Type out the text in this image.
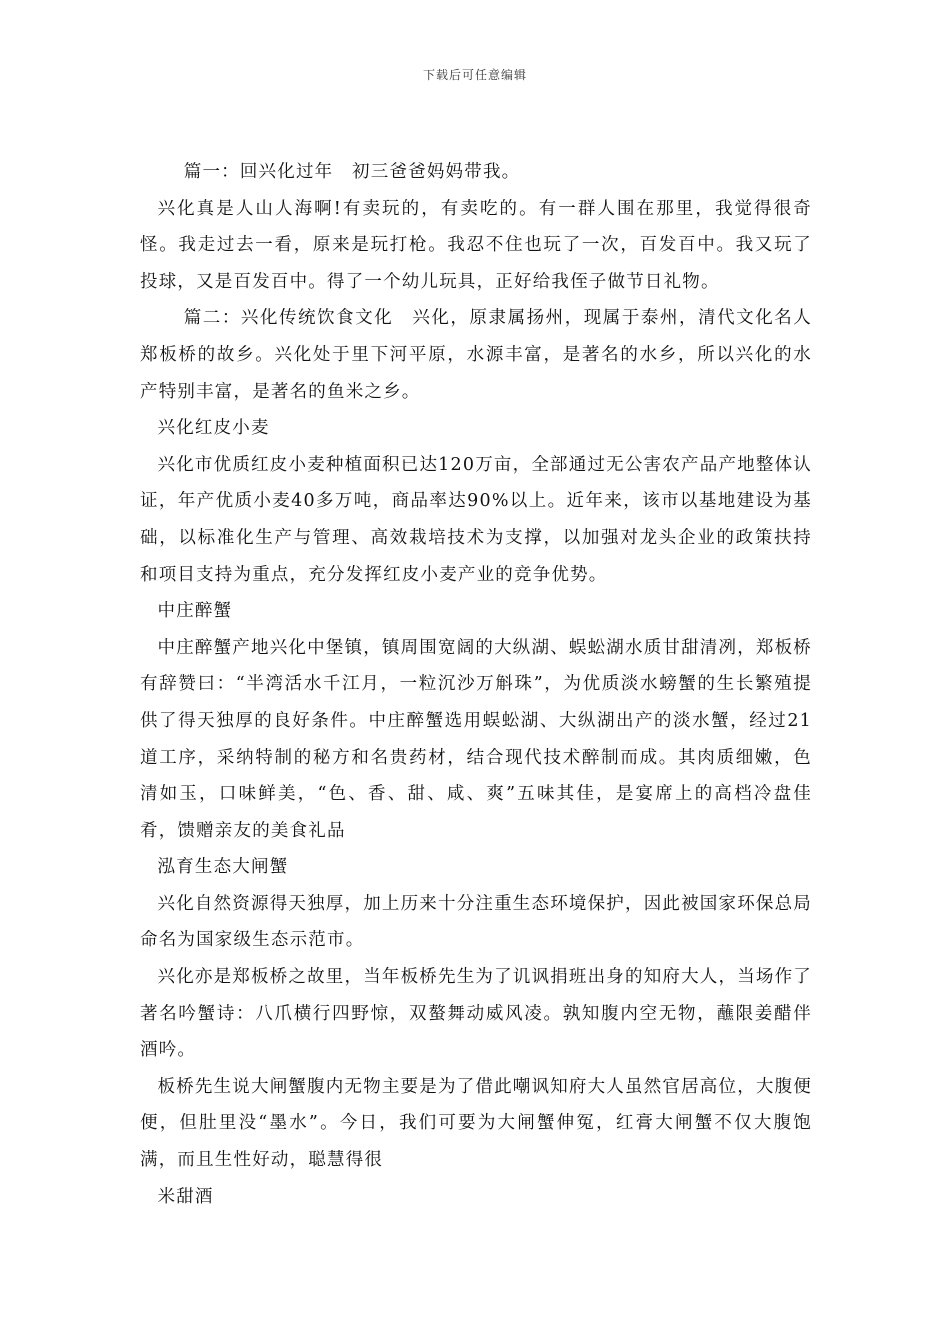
下载后可任意编辑

篇一：回兴化过年　初三爸爸妈妈带我。

兴化真是人山人海啊!有卖玩的，有卖吃的。有一群人围在那里，我觉得很奇怪。我走过去一看，原来是玩打枪。我忍不住也玩了一次，百发百中。我又玩了投球，又是百发百中。得了一个幼儿玩具，正好给我侄子做节日礼物。

篇二：兴化传统饮食文化　兴化，原隶属扬州，现属于泰州，清代文化名人郑板桥的故乡。兴化处于里下河平原，水源丰富，是著名的水乡，所以兴化的水产特别丰富，是著名的鱼米之乡。

兴化红皮小麦

兴化市优质红皮小麦种植面积已达120万亩，全部通过无公害农产品产地整体认证，年产优质小麦40多万吨，商品率达90%以上。近年来，该市以基地建设为基础，以标准化生产与管理、高效栽培技术为支撑，以加强对龙头企业的政策扶持和项目支持为重点，充分发挥红皮小麦产业的竞争优势。

中庄醉蟹

中庄醉蟹产地兴化中堡镇，镇周围宽阔的大纵湖、蜈蚣湖水质甘甜清冽，郑板桥有辞赞曰：“半湾活水千江月，一粒沉沙万斛珠”，为优质淡水螃蟹的生长繁殖提供了得天独厚的良好条件。中庄醉蟹选用蜈蚣湖、大纵湖出产的淡水蟹，经过21道工序，采纳特制的秘方和名贵药材，结合现代技术醉制而成。其肉质细嫩，色清如玉，口味鲜美，“色、香、甜、咸、爽”五味其佳，是宴席上的高档冷盘佳肴，馈赠亲友的美食礼品

泓育生态大闸蟹

兴化自然资源得天独厚，加上历来十分注重生态环境保护，因此被国家环保总局命名为国家级生态示范市。

兴化亦是郑板桥之故里，当年板桥先生为了讥讽捐班出身的知府大人，当场作了著名吟蟹诗：八爪横行四野惊，双螯舞动威风凌。孰知腹内空无物，蘸限姜醋伴酒吟。

板桥先生说大闸蟹腹内无物主要是为了借此嘲讽知府大人虽然官居高位，大腹便便，但肚里没“墨水”。今日，我们可要为大闸蟹伸冤，红膏大闸蟹不仅大腹饱满，而且生性好动，聪慧得很

米甜酒
